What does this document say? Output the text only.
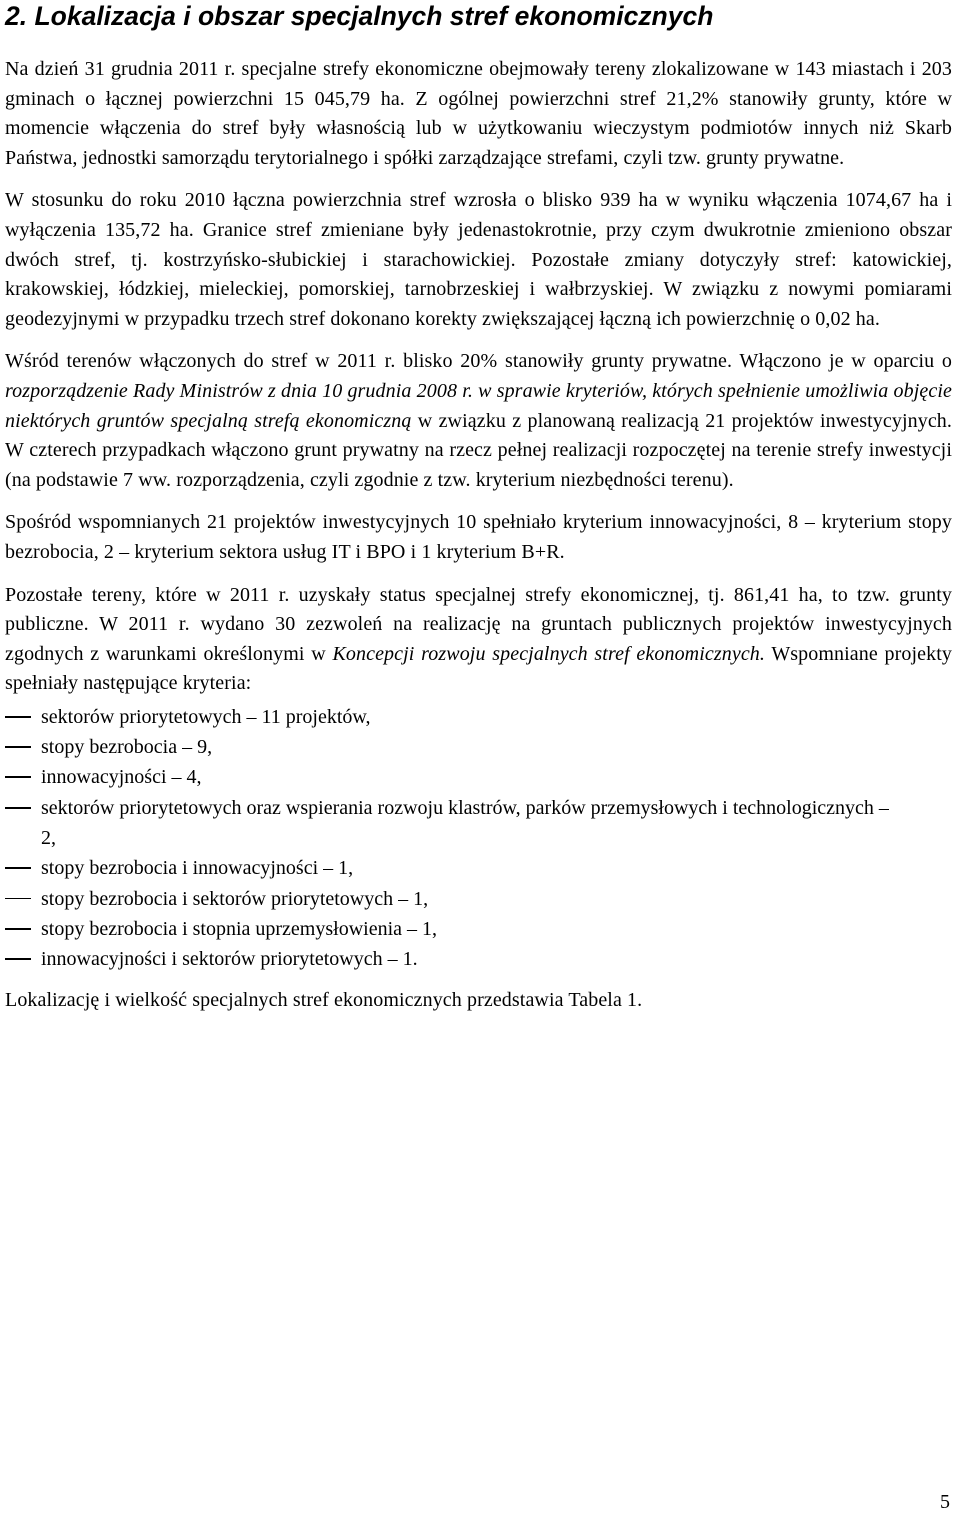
2. Lokalizacja i obszar specjalnych stref ekonomicznych

Na dzień 31 grudnia 2011 r. specjalne strefy ekonomiczne obejmowały tereny zlokalizowane w 143 miastach i 203 gminach o łącznej powierzchni 15 045,79 ha. Z ogólnej powierzchni stref 21,2% stanowiły grunty, które w momencie włączenia do stref były własnością lub w użytkowaniu wieczystym podmiotów innych niż Skarb Państwa, jednostki samorządu terytorialnego i spółki zarządzające strefami, czyli tzw. grunty prywatne.

W stosunku do roku 2010 łączna powierzchnia stref wzrosła o blisko 939 ha w wyniku włączenia 1074,67 ha i wyłączenia 135,72 ha. Granice stref zmieniane były jedenastokrotnie, przy czym dwukrotnie zmieniono obszar dwóch stref, tj. kostrzyńsko-słubickiej i starachowickiej. Pozostałe zmiany dotyczyły stref: katowickiej, krakowskiej, łódzkiej, mieleckiej, pomorskiej, tarnobrzeskiej i wałbrzyskiej. W związku z nowymi pomiarami geodezyjnymi w przypadku trzech stref dokonano korekty zwiększającej łączną ich powierzchnię o 0,02 ha.

Wśród terenów włączonych do stref w 2011 r. blisko 20% stanowiły grunty prywatne. Włączono je w oparciu o rozporządzenie Rady Ministrów z dnia 10 grudnia 2008 r. w sprawie kryteriów, których spełnienie umożliwia objęcie niektórych gruntów specjalną strefą ekonomiczną w związku z planowaną realizacją 21 projektów inwestycyjnych. W czterech przypadkach włączono grunt prywatny na rzecz pełnej realizacji rozpoczętej na terenie strefy inwestycji (na podstawie 7 ww. rozporządzenia, czyli zgodnie z tzw. kryterium niezbędności terenu).

Spośród wspomnianych 21 projektów inwestycyjnych 10 spełniało kryterium innowacyjności, 8 – kryterium stopy bezrobocia, 2 – kryterium sektora usług IT i BPO i 1 kryterium B+R.

Pozostałe tereny, które w 2011 r. uzyskały status specjalnej strefy ekonomicznej, tj. 861,41 ha, to tzw. grunty publiczne. W 2011 r. wydano 30 zezwoleń na realizację na gruntach publicznych projektów inwestycyjnych zgodnych z warunkami określonymi w Koncepcji rozwoju specjalnych stref ekonomicznych. Wspomniane projekty spełniały następujące kryteria:

sektorów priorytetowych – 11 projektów,
stopy bezrobocia – 9,
innowacyjności – 4,
sektorów priorytetowych oraz wspierania rozwoju klastrów, parków przemysłowych i technologicznych – 2,
stopy bezrobocia i innowacyjności – 1,
stopy bezrobocia i sektorów priorytetowych – 1,
stopy bezrobocia i stopnia uprzemysłowienia – 1,
innowacyjności i sektorów priorytetowych – 1.

Lokalizację i wielkość specjalnych stref ekonomicznych przedstawia Tabela 1.

5
